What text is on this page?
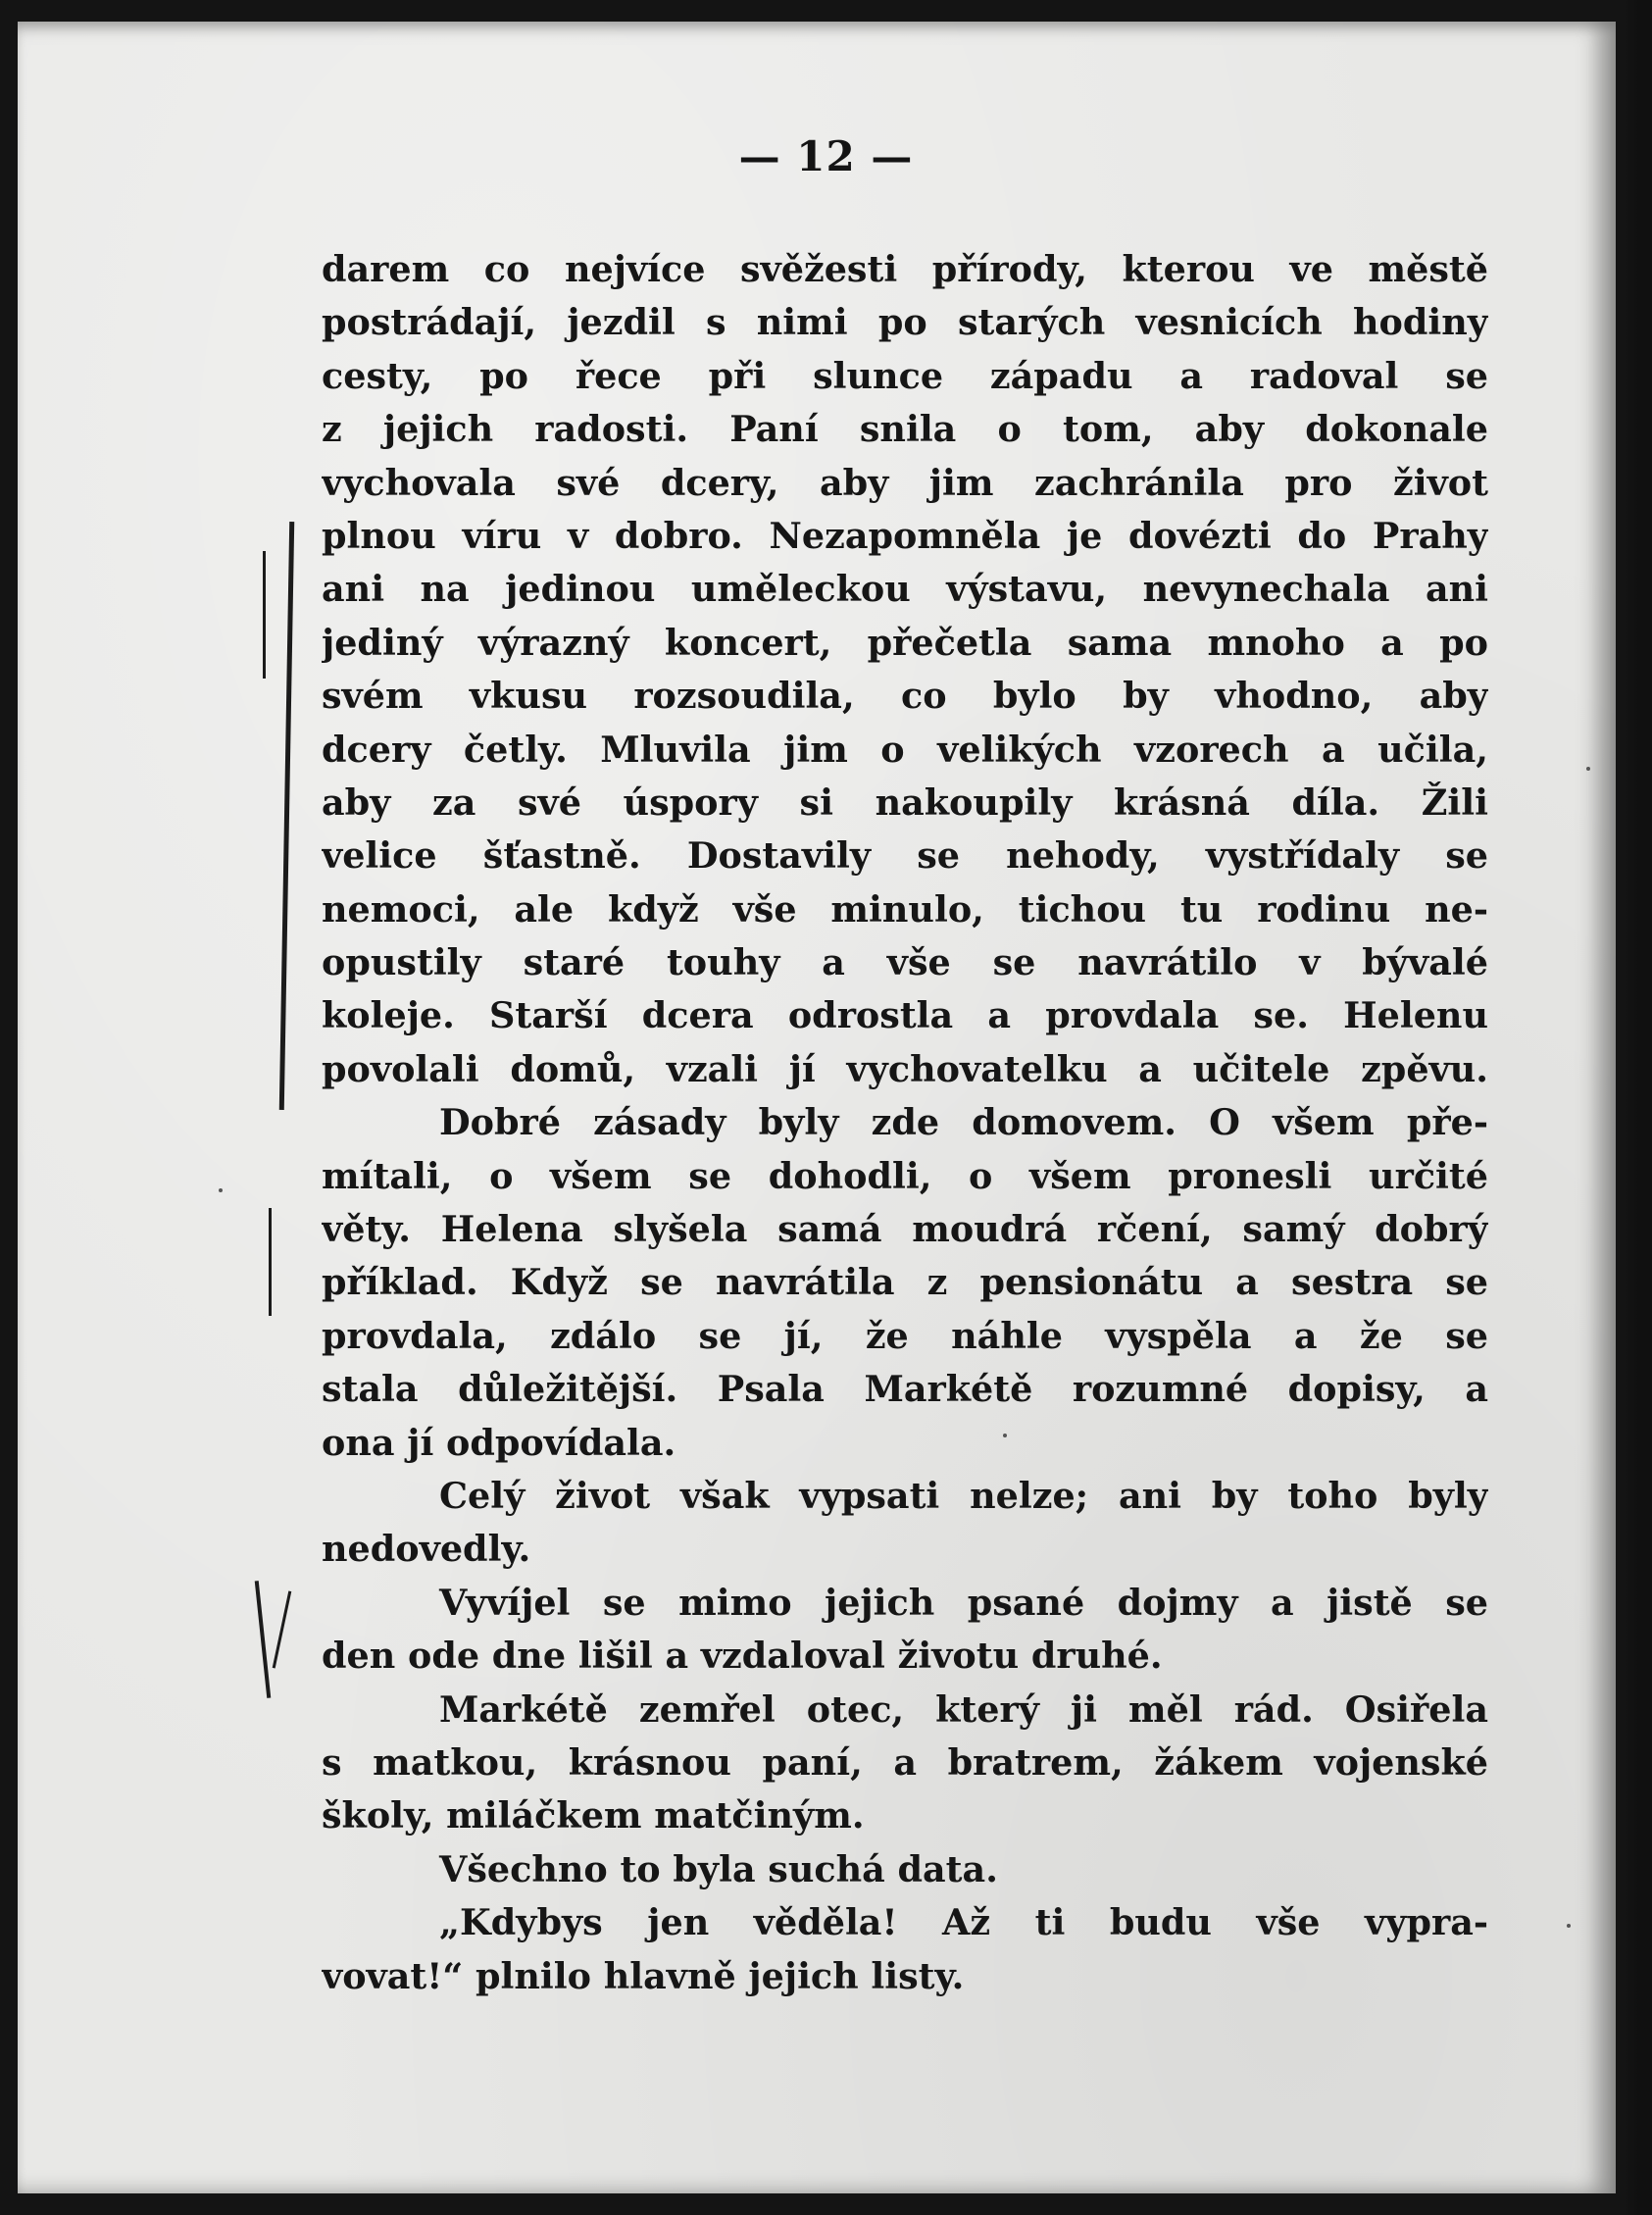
— 12 —
darem co nejvíce svěžesti přírody, kterou ve městě
postrádají, jezdil s nimi po starých vesnicích hodiny
cesty, po řece při slunce západu a radoval se
z jejich radosti. Paní snila o tom, aby dokonale
vychovala své dcery, aby jim zachránila pro život
plnou víru v dobro. Nezapomněla je dovézti do Prahy
ani na jedinou uměleckou výstavu, nevynechala ani
jediný výrazný koncert, přečetla sama mnoho a po
svém vkusu rozsoudila, co bylo by vhodno, aby
dcery četly. Mluvila jim o velikých vzorech a učila,
aby za své úspory si nakoupily krásná díla. Žili
velice šťastně. Dostavily se nehody, vystřídaly se
nemoci, ale když vše minulo, tichou tu rodinu ne-
opustily staré touhy a vše se navrátilo v bývalé
koleje. Starší dcera odrostla a provdala se. Helenu
povolali domů, vzali jí vychovatelku a učitele zpěvu.
Dobré zásady byly zde domovem. O všem pře-
mítali, o všem se dohodli, o všem pronesli určité
věty. Helena slyšela samá moudrá rčení, samý dobrý
příklad. Když se navrátila z pensionátu a sestra se
provdala, zdálo se jí, že náhle vyspěla a že se
stala důležitější. Psala Markétě rozumné dopisy, a
ona jí odpovídala.
Celý život však vypsati nelze; ani by toho byly
nedovedly.
Vyvíjel se mimo jejich psané dojmy a jistě se
den ode dne lišil a vzdaloval životu druhé.
Markétě zemřel otec, který ji měl rád. Osiřela
s matkou, krásnou paní, a bratrem, žákem vojenské
školy, miláčkem matčiným.
Všechno to byla suchá data.
„Kdybys jen věděla! Až ti budu vše vypra-
vovat!“ plnilo hlavně jejich listy.
